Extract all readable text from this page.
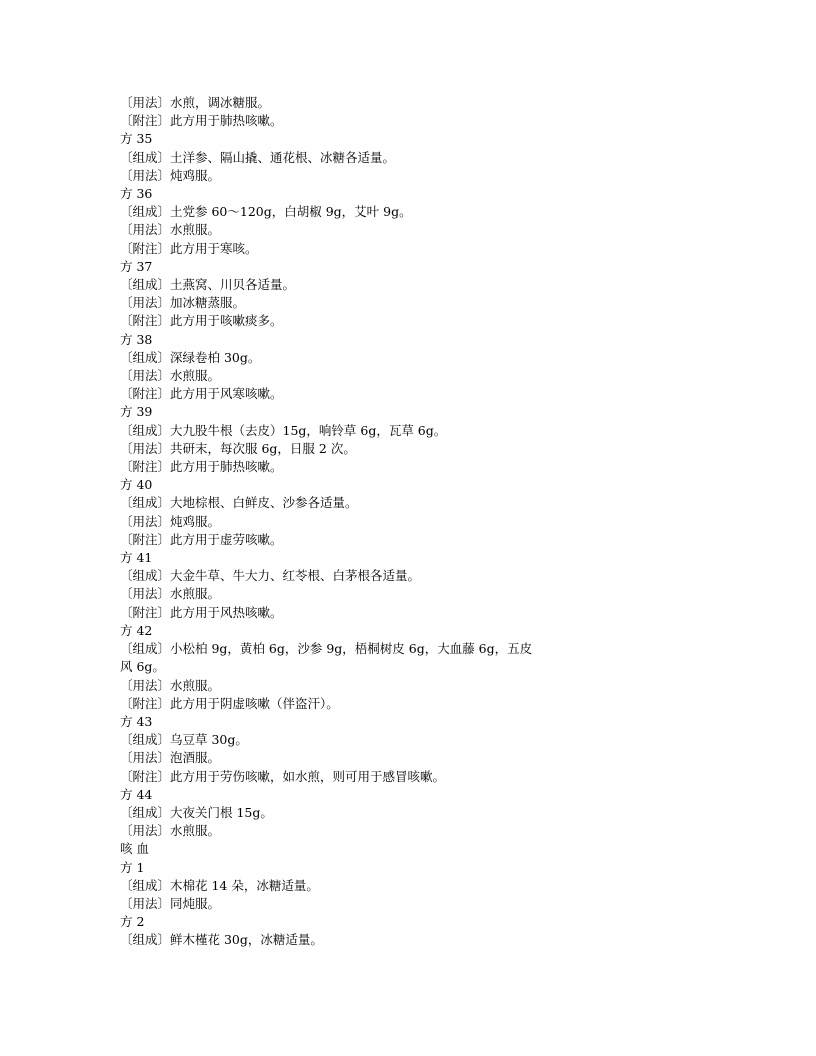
〔用法〕水煎，调冰糖服。
〔附注〕此方用于肺热咳嗽。
方 35
〔组成〕土洋参、隔山撬、通花根、冰糖各适量。
〔用法〕炖鸡服。
方 36
〔组成〕土党参 60～120g，白胡椒 9g，艾叶 9g。
〔用法〕水煎服。
〔附注〕此方用于寒咳。
方 37
〔组成〕土燕窝、川贝各适量。
〔用法〕加冰糖蒸服。
〔附注〕此方用于咳嗽痰多。
方 38
〔组成〕深绿卷柏 30g。
〔用法〕水煎服。
〔附注〕此方用于风寒咳嗽。
方 39
〔组成〕大九股牛根（去皮）15g，响铃草 6g，瓦草 6g。
〔用法〕共研末，每次服 6g，日服 2 次。
〔附注〕此方用于肺热咳嗽。
方 40
〔组成〕大地棕根、白鲜皮、沙参各适量。
〔用法〕炖鸡服。
〔附注〕此方用于虚劳咳嗽。
方 41
〔组成〕大金牛草、牛大力、红苓根、白茅根各适量。
〔用法〕水煎服。
〔附注〕此方用于风热咳嗽。
方 42
〔组成〕小松柏 9g，黄柏 6g，沙参 9g，梧桐树皮 6g，大血藤 6g，五皮
风 6g。
〔用法〕水煎服。
〔附注〕此方用于阴虚咳嗽（伴盗汗）。
方 43
〔组成〕乌豆草 30g。
〔用法〕泡酒服。
〔附注〕此方用于劳伤咳嗽，如水煎，则可用于感冒咳嗽。
方 44
〔组成〕大夜关门根 15g。
〔用法〕水煎服。
咳 血
方 1
〔组成〕木棉花 14 朵，冰糖适量。
〔用法〕同炖服。
方 2
〔组成〕鲜木槿花 30g，冰糖适量。
